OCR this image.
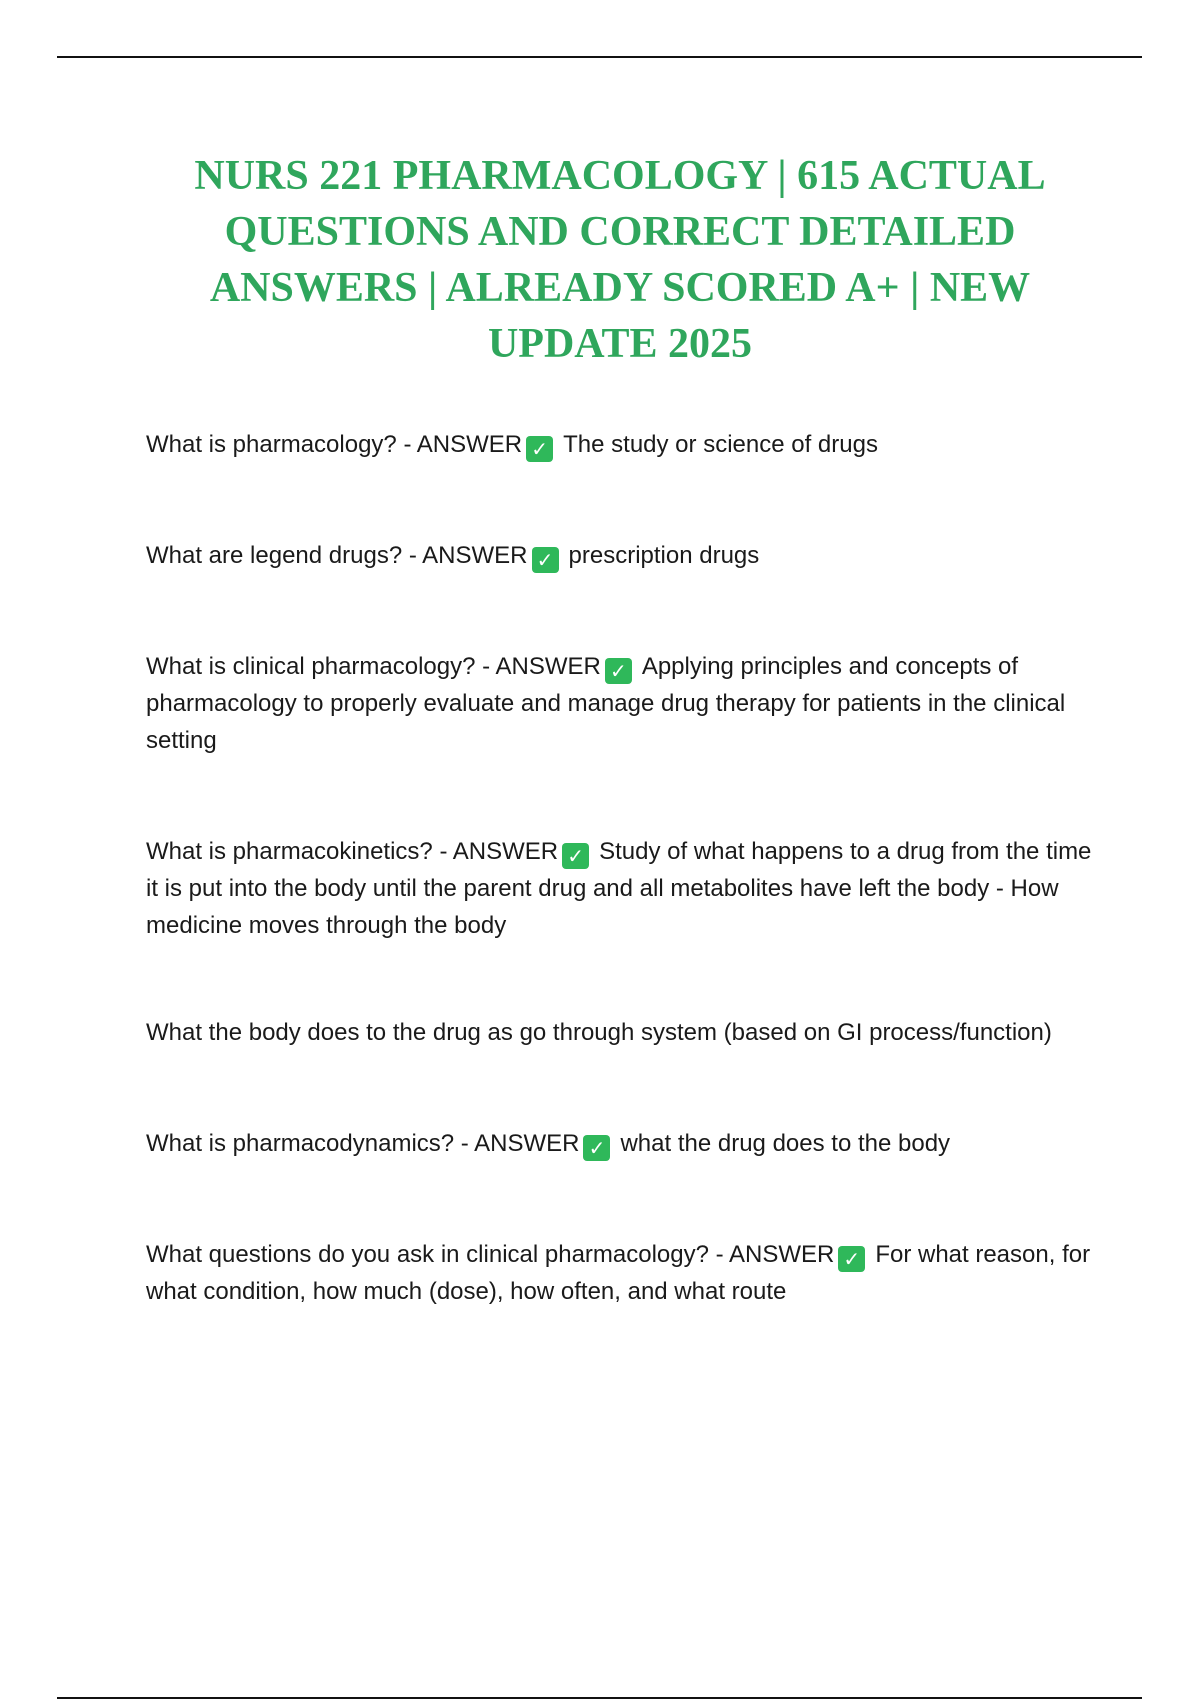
NURS 221 PHARMACOLOGY | 615 ACTUAL QUESTIONS AND CORRECT DETAILED ANSWERS | ALREADY SCORED A+ | NEW UPDATE 2025
What is pharmacology? - ANSWER ✓ The study or science of drugs
What are legend drugs? - ANSWER ✓ prescription drugs
What is clinical pharmacology? - ANSWER ✓ Applying principles and concepts of pharmacology to properly evaluate and manage drug therapy for patients in the clinical setting
What is pharmacokinetics? - ANSWER ✓ Study of what happens to a drug from the time it is put into the body until the parent drug and all metabolites have left the body - How medicine moves through the body
What the body does to the drug as go through system (based on GI process/function)
What is pharmacodynamics? - ANSWER ✓ what the drug does to the body
What questions do you ask in clinical pharmacology? - ANSWER ✓ For what reason, for what condition, how much (dose), how often, and what route
